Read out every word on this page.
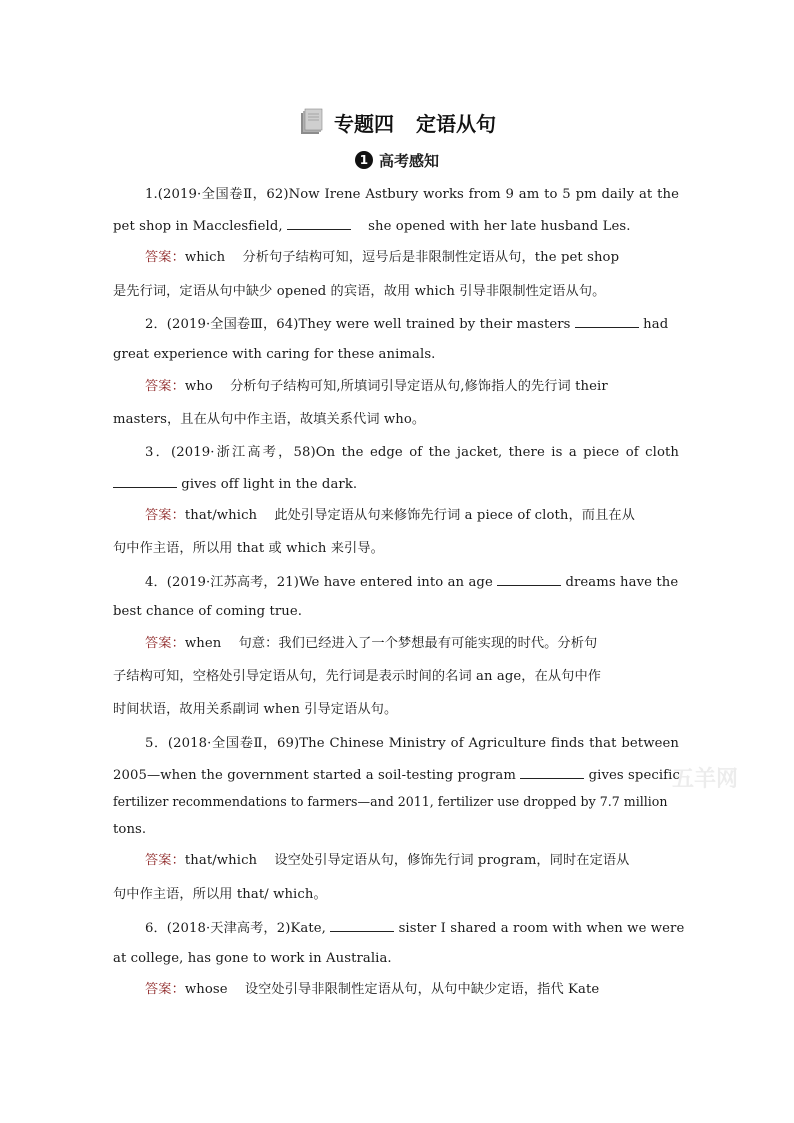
专题四 定语从句
1 高考感知
1.(2019·全国卷Ⅱ，62)Now Irene Astbury works from 9 am to 5 pm daily at the
pet shop in Macclesfield,	she opened with her late husband Les.
答案：which 分析句子结构可知，逗号后是非限制性定语从句，the pet shop
是先行词，定语从句中缺少 opened 的宾语，故用 which 引导非限制性定语从句。
2．(2019·全国卷Ⅲ，64)They were well trained by their masters	had
great experience with caring for these animals.
答案：who 分析句子结构可知,所填词引导定语从句,修饰指人的先行词 their
masters，且在从句中作主语，故填关系代词 who。
3．(2019·浙江高考，58)On the edge of the jacket, there is a piece of cloth
gives off light in the dark.
答案：that/which 此处引导定语从句来修饰先行词 a piece of cloth，而且在从
句中作主语，所以用 that 或 which 来引导。
4．(2019·江苏高考，21)We have entered into an age	dreams have the
best chance of coming true.
答案：when 句意：我们已经进入了一个梦想最有可能实现的时代。分析句
子结构可知，空格处引导定语从句，先行词是表示时间的名词 an age，在从句中作
时间状语，故用关系副词 when 引导定语从句。
5．(2018·全国卷Ⅱ，69)The Chinese Ministry of Agriculture finds that between
2005—when the government started a soil-testing program	gives specific
fertilizer recommendations to farmers—and 2011, fertilizer use dropped by 7.7 million
tons.
答案：that/which 设空处引导定语从句，修饰先行词 program，同时在定语从
句中作主语，所以用 that/ which。
6．(2018·天津高考，2)Kate,	sister I shared a room with when we were
at college, has gone to work in Australia.
答案：whose 设空处引导非限制性定语从句，从句中缺少定语，指代 Kate
五羊网
